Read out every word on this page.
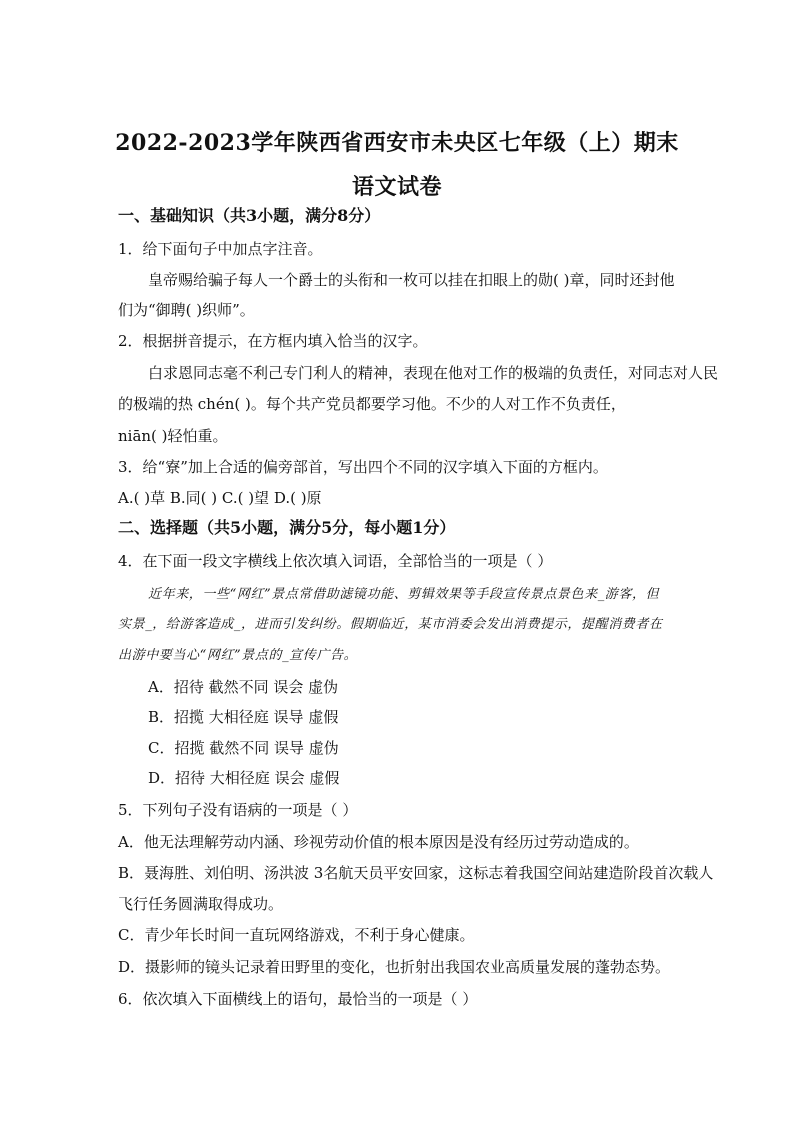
2022-2023学年陕西省西安市未央区七年级（上）期末
语文试卷
一、基础知识（共3小题，满分8分）
1．给下面句子中加点字注音。
皇帝赐给骗子每人一个爵士的头衔和一枚可以挂在扣眼上的勋( )章，同时还封他
们为“御聘( )织师”。
2．根据拼音提示，在方框内填入恰当的汉字。
白求恩同志毫不利己专门利人的精神，表现在他对工作的极端的负责任，对同志对人民
的极端的热 chén( )。每个共产党员都要学习他。不少的人对工作不负责任，
niān( )轻怕重。
3．给“寮”加上合适的偏旁部首，写出四个不同的汉字填入下面的方框内。
A.( )草 B.同( ) C.( )望 D.( )原
二、选择题（共5小题，满分5分，每小题1分）
4．在下面一段文字横线上依次填入词语，全部恰当的一项是（ ）
近年来，一些“网红”景点常借助滤镜功能、剪辑效果等手段宣传景点景色来_游客，但
实景_，给游客造成_，进而引发纠纷。假期临近，某市消委会发出消费提示，提醒消费者在
出游中要当心“网红”景点的_宣传广告。
A．招待 截然不同 误会 虚伪
B．招揽 大相径庭 误导 虚假
C．招揽 截然不同 误导 虚伪
D．招待 大相径庭 误会 虚假
5．下列句子没有语病的一项是（ ）
A．他无法理解劳动内涵、珍视劳动价值的根本原因是没有经历过劳动造成的。
B．聂海胜、刘伯明、汤洪波 3名航天员平安回家，这标志着我国空间站建造阶段首次载人
飞行任务圆满取得成功。
C．青少年长时间一直玩网络游戏，不利于身心健康。
D．摄影师的镜头记录着田野里的变化，也折射出我国农业高质量发展的蓬勃态势。
6．依次填入下面横线上的语句，最恰当的一项是（ ）
